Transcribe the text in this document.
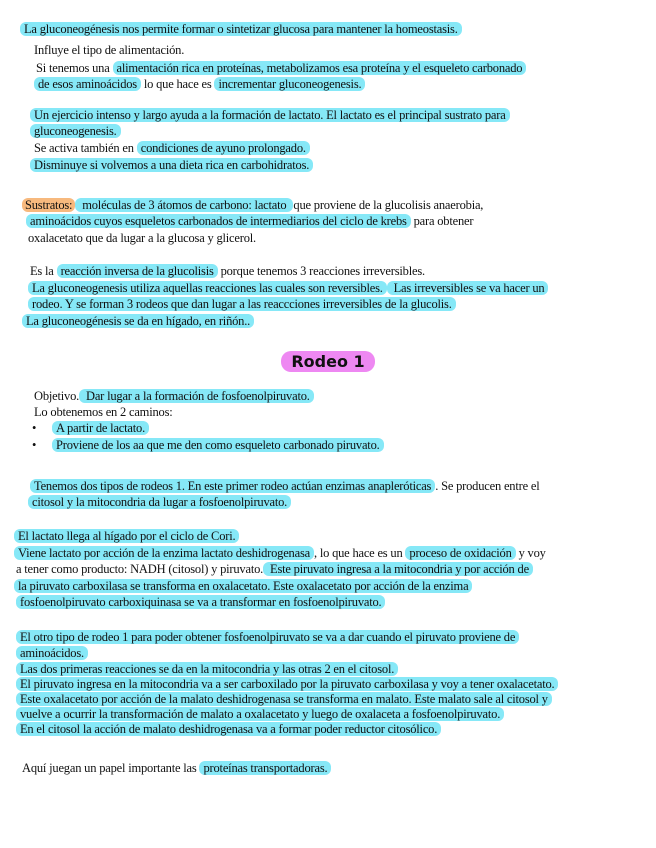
La gluconeogénesis nos permite formar o sintetizar glucosa para mantener la homeostasis.

Influye el tipo de alimentación.

Si tenemos una alimentación rica en proteínas, metabolizamos esa proteína y el esqueleto carbonado

de esos aminoácidos lo que hace es incrementar gluconeogenesis.

Un ejercicio intenso y largo ayuda a la formación de lactato. El lactato es el principal sustrato para

gluconeogenesis.

Se activa también en condiciones de ayuno prolongado.

Disminuye si volvemos a una dieta rica en carbohidratos.

Sustratos: moléculas de 3 átomos de carbono: lactato que proviene de la glucolisis anaerobia,

aminoácidos cuyos esqueletos carbonados de intermediarios del ciclo de krebs para obtener

oxalacetato que da lugar a la glucosa y glicerol.

Es la reacción inversa de la glucolisis porque tenemos 3 reacciones irreversibles.

La gluconeogenesis utiliza aquellas reacciones las cuales son reversibles. Las irreversibles se va hacer un

rodeo. Y se forman 3 rodeos que dan lugar a las reaccciones irreversibles de la glucolis.

La gluconeogénesis se da en hígado, en riñón..

Rodeo 1

Objetivo. Dar lugar a la formación de fosfoenolpiruvato.

Lo obtenemos en 2 caminos:

• A partir de lactato.

• Proviene de los aa que me den como esqueleto carbonado piruvato.

Tenemos dos tipos de rodeos 1. En este primer rodeo actúan enzimas anapleróticas . Se producen entre el

citosol y la mitocondria da lugar a fosfoenolpiruvato.

El lactato llega al hígado por el ciclo de Cori.

Viene lactato por acción de la enzima lactato deshidrogenasa , lo que hace es un proceso de oxidación y voy

a tener como producto: NADH (citosol) y piruvato. Este piruvato ingresa a la mitocondria y por acción de

la piruvato carboxilasa se transforma en oxalacetato. Este oxalacetato por acción de la enzima

fosfoenolpiruvato carboxiquinasa se va a transformar en fosfoenolpiruvato.

El otro tipo de rodeo 1 para poder obtener fosfoenolpiruvato se va a dar cuando el piruvato proviene de

aminoácidos.

Las dos primeras reacciones se da en la mitocondria y las otras 2 en el citosol.

El piruvato ingresa en la mitocondria va a ser carboxilado por la piruvato carboxilasa y voy a tener oxalacetato.

Este oxalacetato por acción de la malato deshidrogenasa se transforma en malato. Este malato sale al citosol y

vuelve a ocurrir la transformación de malato a oxalacetato y luego de oxalaceta a fosfoenolpiruvato.

En el citosol la acción de malato deshidrogenasa va a formar poder reductor citosólico.

Aquí juegan un papel importante las proteínas transportadoras.
